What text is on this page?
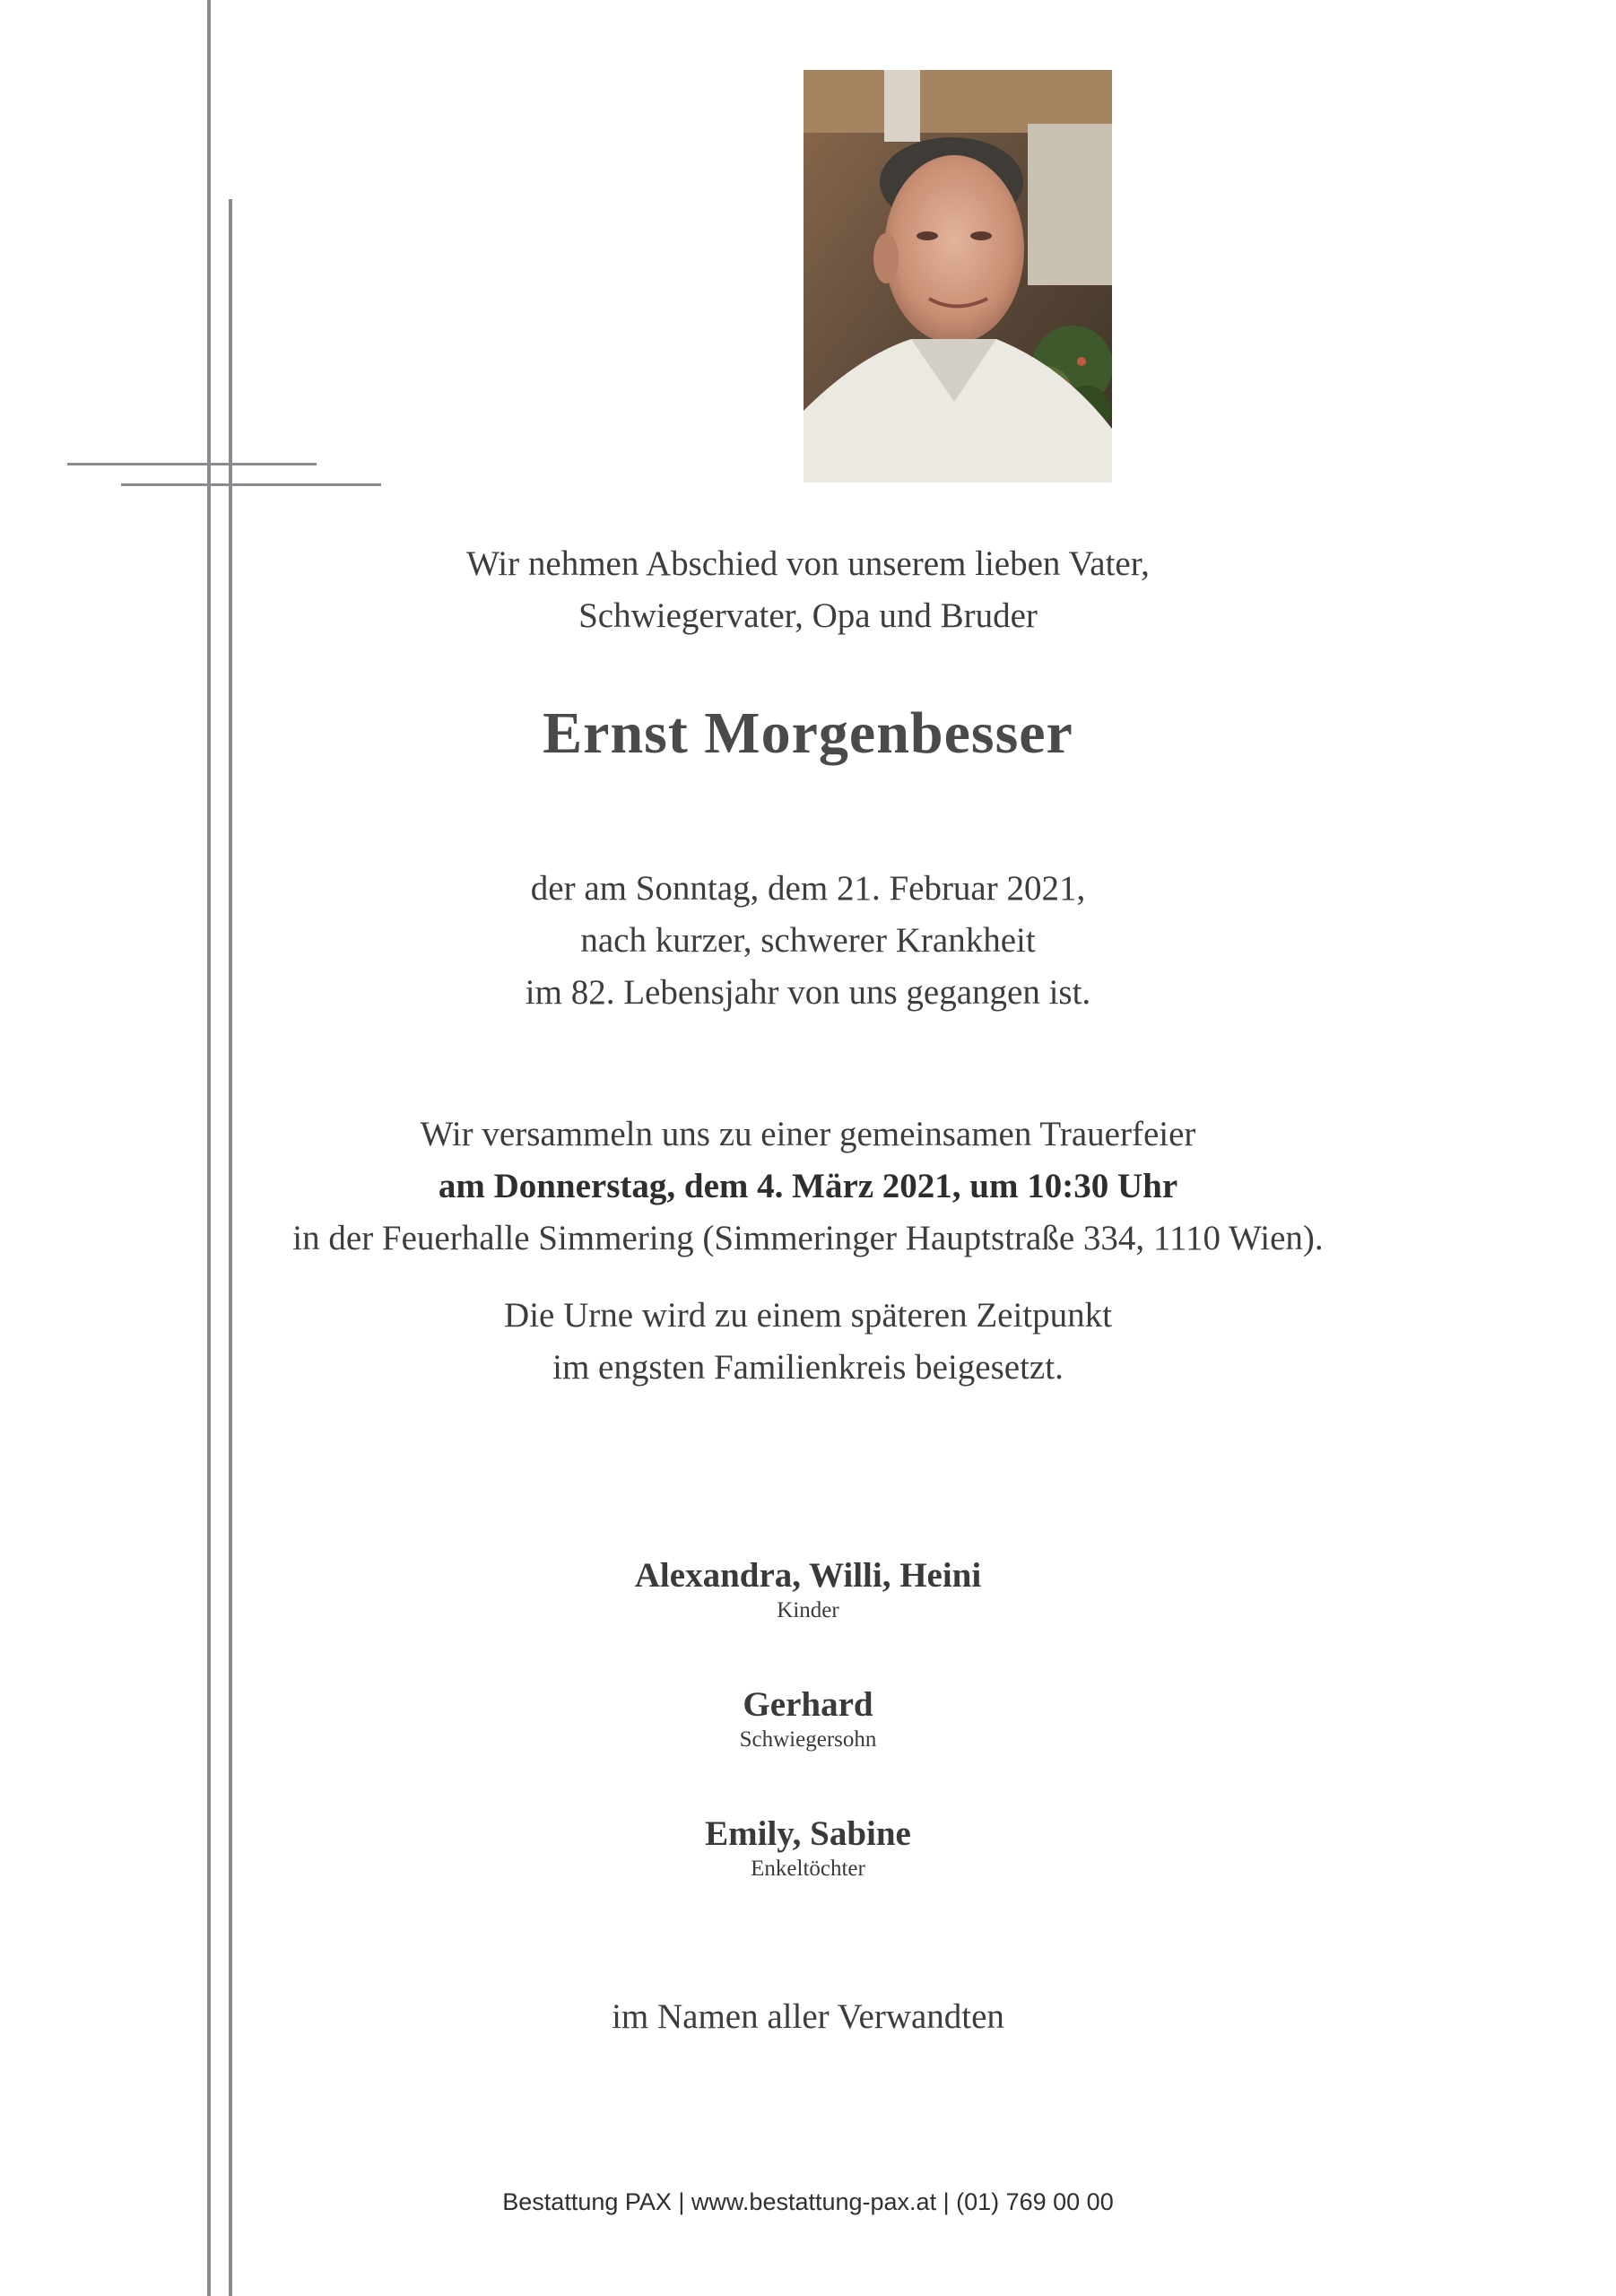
Wir nehmen Abschied von unserem lieben Vater,
Schwiegervater, Opa und Bruder
Ernst Morgenbesser
der am Sonntag, dem 21. Februar 2021,
nach kurzer, schwerer Krankheit
im 82. Lebensjahr von uns gegangen ist.
Wir versammeln uns zu einer gemeinsamen Trauerfeier
am Donnerstag, dem 4. März 2021, um 10:30 Uhr
in der Feuerhalle Simmering (Simmeringer Hauptstraße 334, 1110 Wien).
Die Urne wird zu einem späteren Zeitpunkt
im engsten Familienkreis beigesetzt.
Alexandra, Willi, Heini
Kinder
Gerhard
Schwiegersohn
Emily, Sabine
Enkeltöchter
im Namen aller Verwandten
Bestattung PAX | www.bestattung-pax.at | (01) 769 00 00
